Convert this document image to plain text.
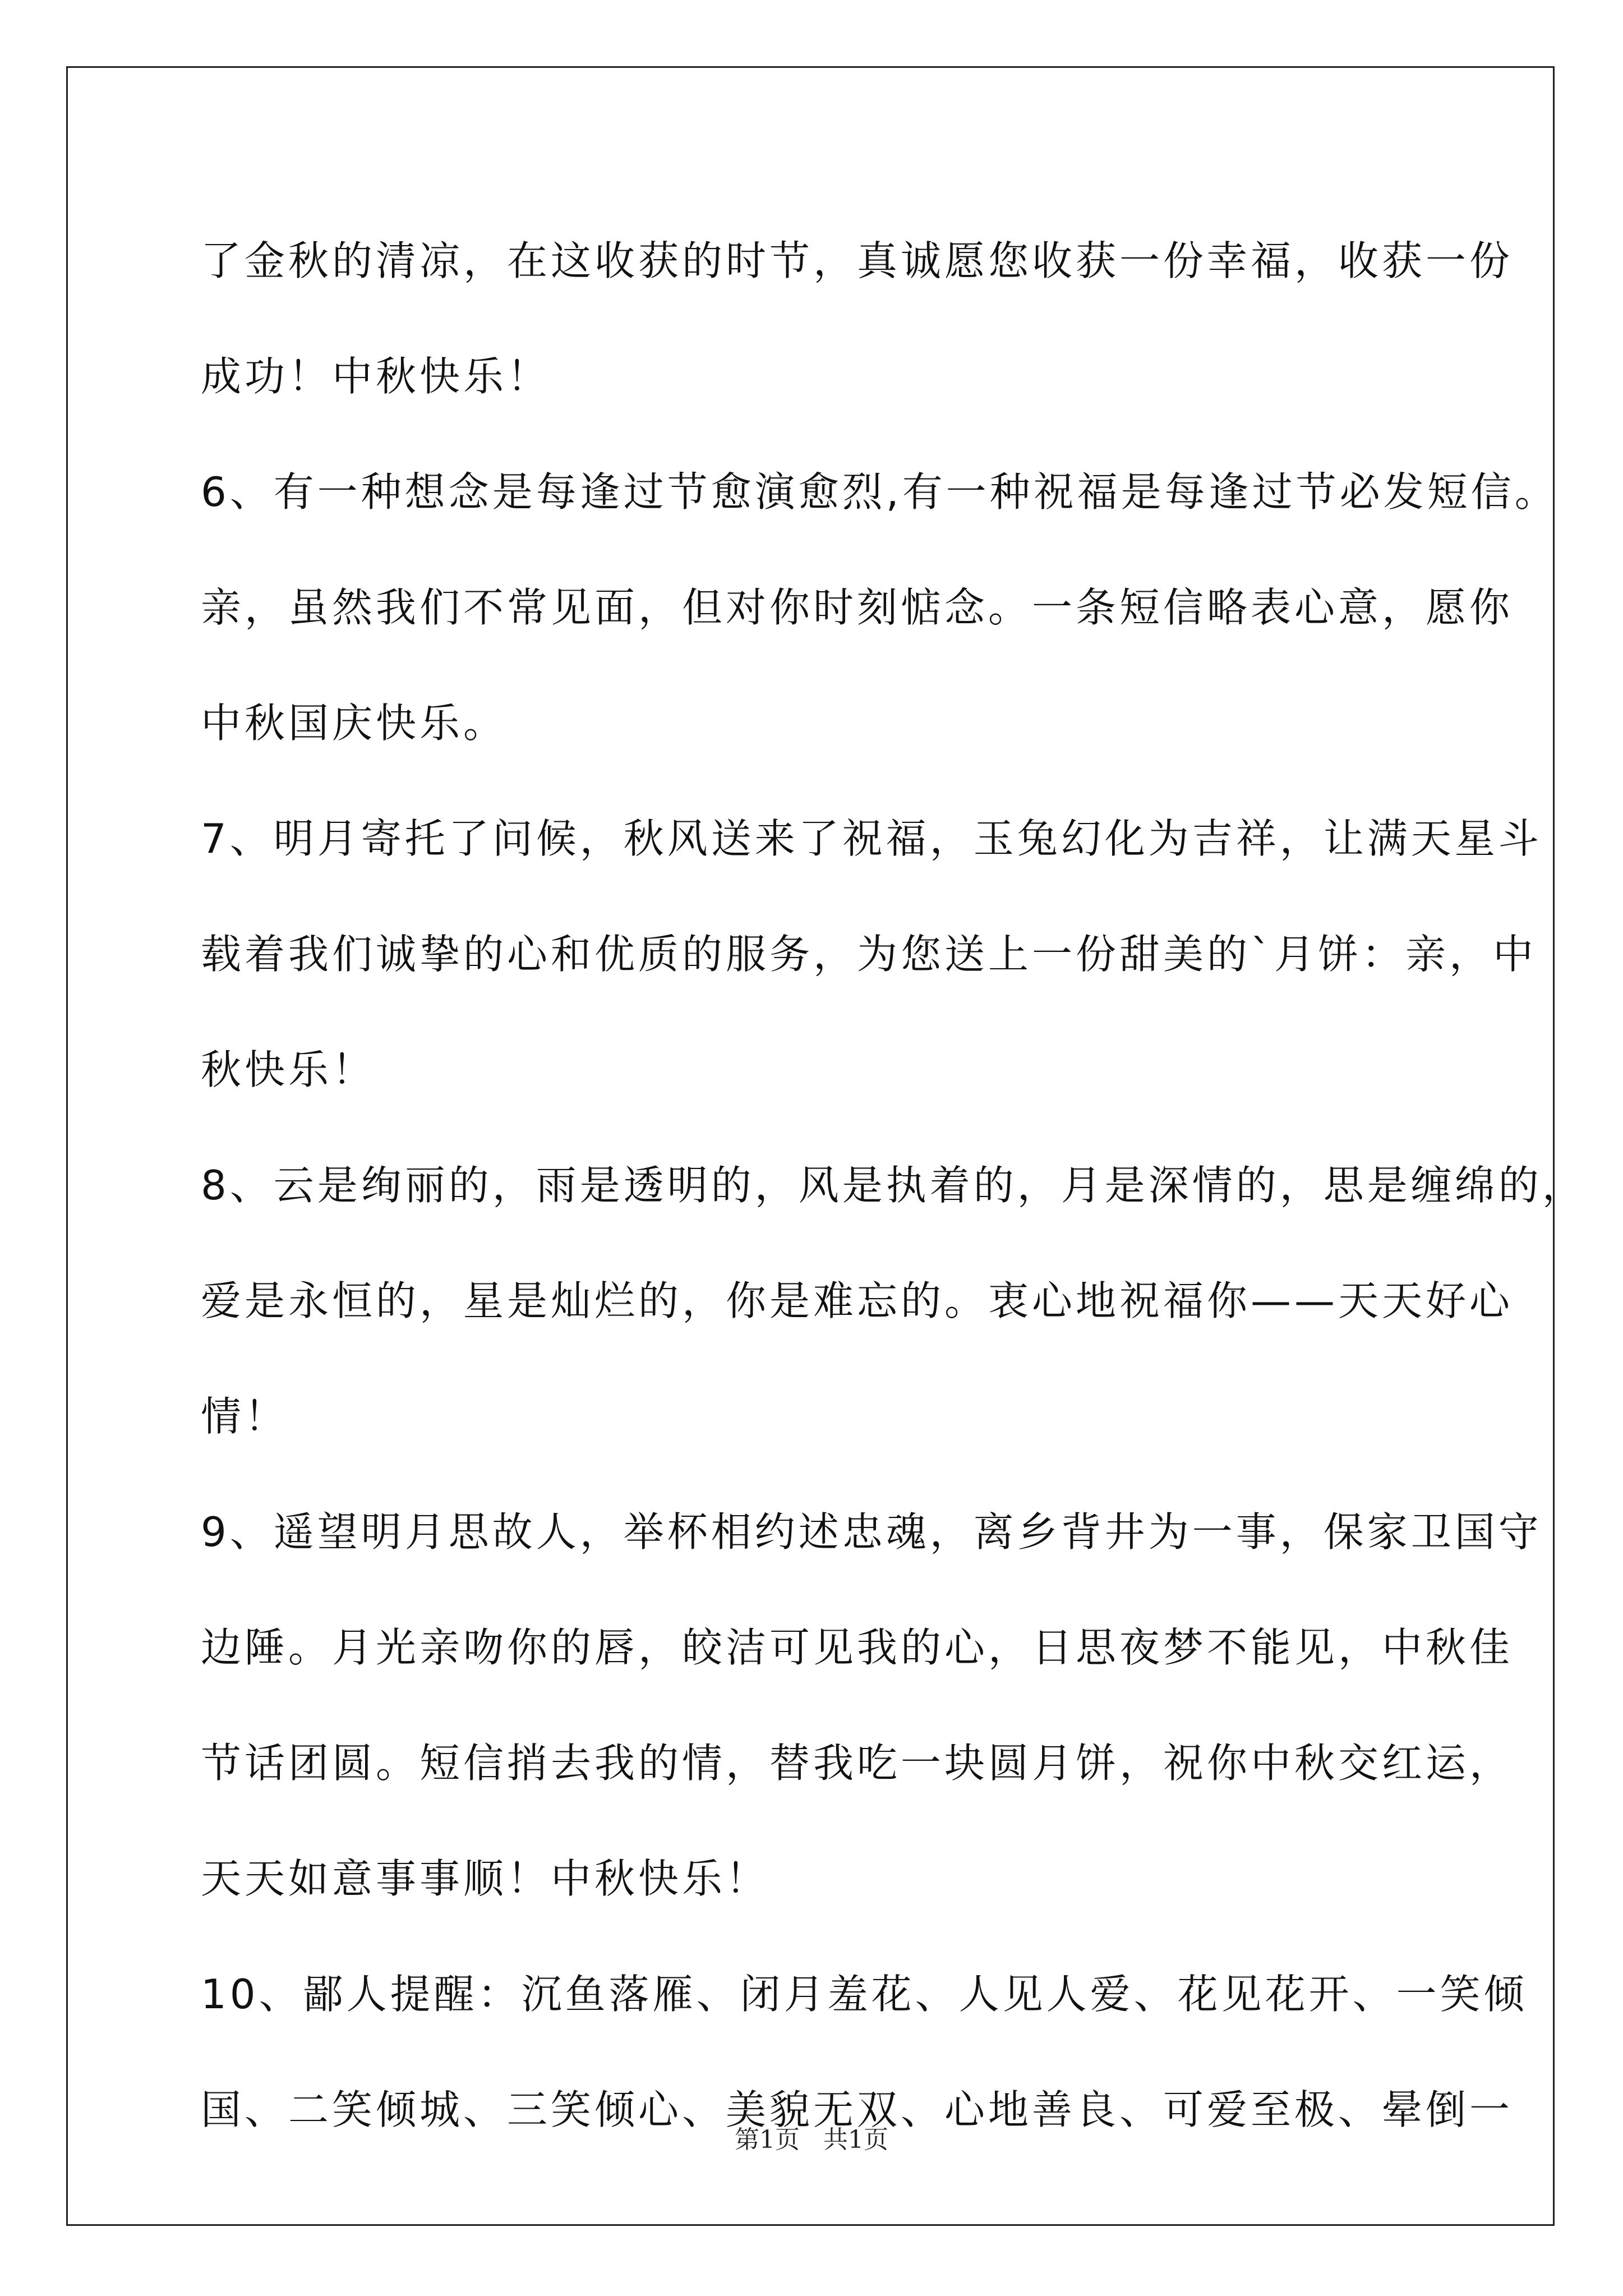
了金秋的清凉，在这收获的时节，真诚愿您收获一份幸福，收获一份
成功！中秋快乐！
6、有一种想念是每逢过节愈演愈烈,有一种祝福是每逢过节必发短信。
亲，虽然我们不常见面，但对你时刻惦念。一条短信略表心意，愿你
中秋国庆快乐。
7、明月寄托了问候，秋风送来了祝福，玉兔幻化为吉祥，让满天星斗
载着我们诚挚的心和优质的服务，为您送上一份甜美的`月饼：亲，中
秋快乐！
8、云是绚丽的，雨是透明的，风是执着的，月是深情的，思是缠绵的，
爱是永恒的，星是灿烂的，你是难忘的。衷心地祝福你——天天好心
情！
9、遥望明月思故人，举杯相约述忠魂，离乡背井为一事，保家卫国守
边陲。月光亲吻你的唇，皎洁可见我的心，日思夜梦不能见，中秋佳
节话团圆。短信捎去我的情，替我吃一块圆月饼，祝你中秋交红运，
天天如意事事顺！中秋快乐！
10、鄙人提醒：沉鱼落雁、闭月羞花、人见人爱、花见花开、一笑倾
国、二笑倾城、三笑倾心、美貌无双、心地善良、可爱至极、晕倒一
第1页   共1页
